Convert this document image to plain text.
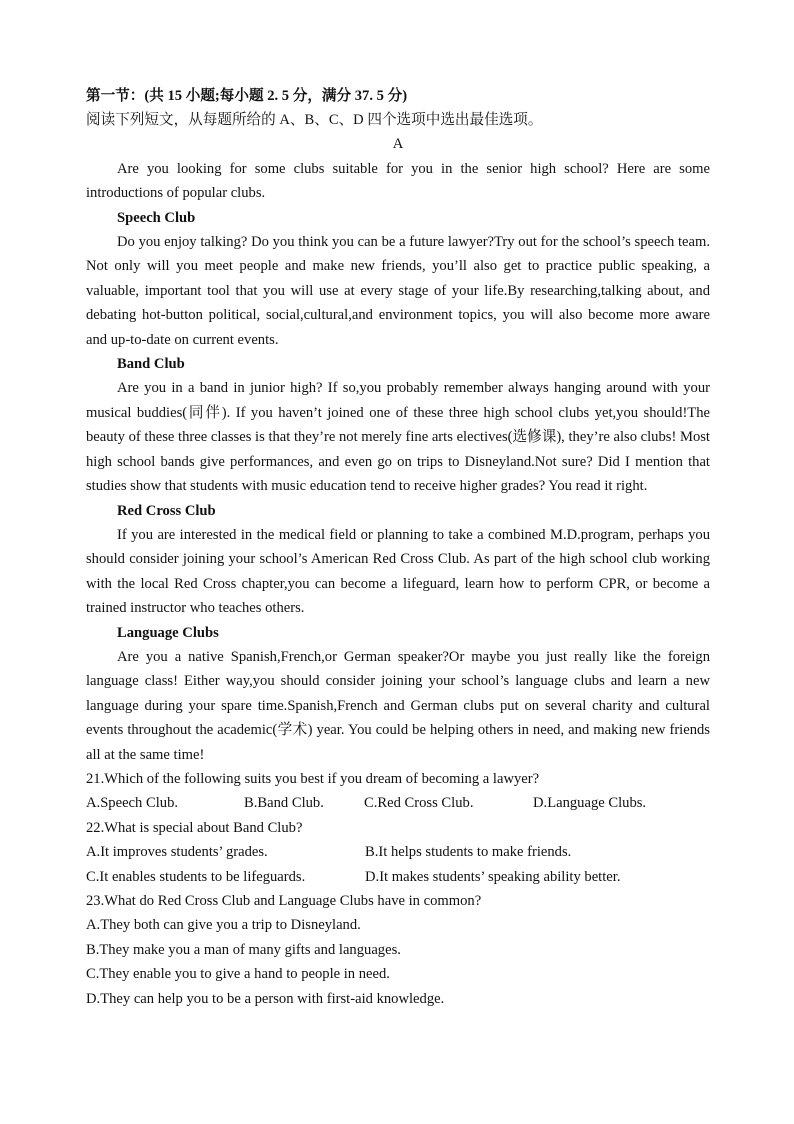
第一节：(共 15 小题;每小题 2. 5 分，满分 37. 5 分)
阅读下列短文，从每题所给的 A、B、C、D 四个选项中选出最佳选项。
A

Are you looking for some clubs suitable for you in the senior high school? Here are some introductions of popular clubs.

Speech Club

Do you enjoy talking? Do you think you can be a future lawyer?Try out for the school’s speech team. Not only will you meet people and make new friends, you’ll also get to practice public speaking, a valuable, important tool that you will use at every stage of your life.By researching,talking about, and debating hot-button political, social,cultural,and environment topics, you will also become more aware and up-to-date on current events.

Band Club

Are you in a band in junior high? If so,you probably remember always hanging around with your musical buddies(同伴). If you haven’t joined one of these three high school clubs yet,you should!The beauty of these three classes is that they’re not merely fine arts electives(选修课), they’re also clubs! Most high school bands give performances, and even go on trips to Disneyland.Not sure? Did I mention that studies show that students with music education tend to receive higher grades? You read it right.

Red Cross Club

If you are interested in the medical field or planning to take a combined M.D.program, perhaps you should consider joining your school’s American Red Cross Club. As part of the high school club working with the local Red Cross chapter,you can become a lifeguard, learn how to perform CPR, or become a trained instructor who teaches others.

Language Clubs

Are you a native Spanish,French,or German speaker?Or maybe you just really like the foreign language class! Either way,you should consider joining your school’s language clubs and learn a new language during your spare time.Spanish,French and German clubs put on several charity and cultural events throughout the academic(学术) year. You could be helping others in need, and making new friends all at the same time!

21.Which of the following suits you best if you dream of becoming a lawyer?
A.Speech Club.	B.Band Club.	C.Red Cross Club.	D.Language Clubs.
22.What is special about Band Club?
A.It improves students’ grades.	B.It helps students to make friends.
C.It enables students to be lifeguards.	D.It makes students’ speaking ability better.
23.What do Red Cross Club and Language Clubs have in common?
A.They both can give you a trip to Disneyland.
B.They make you a man of many gifts and languages.
C.They enable you to give a hand to people in need.
D.They can help you to be a person with first-aid knowledge.
